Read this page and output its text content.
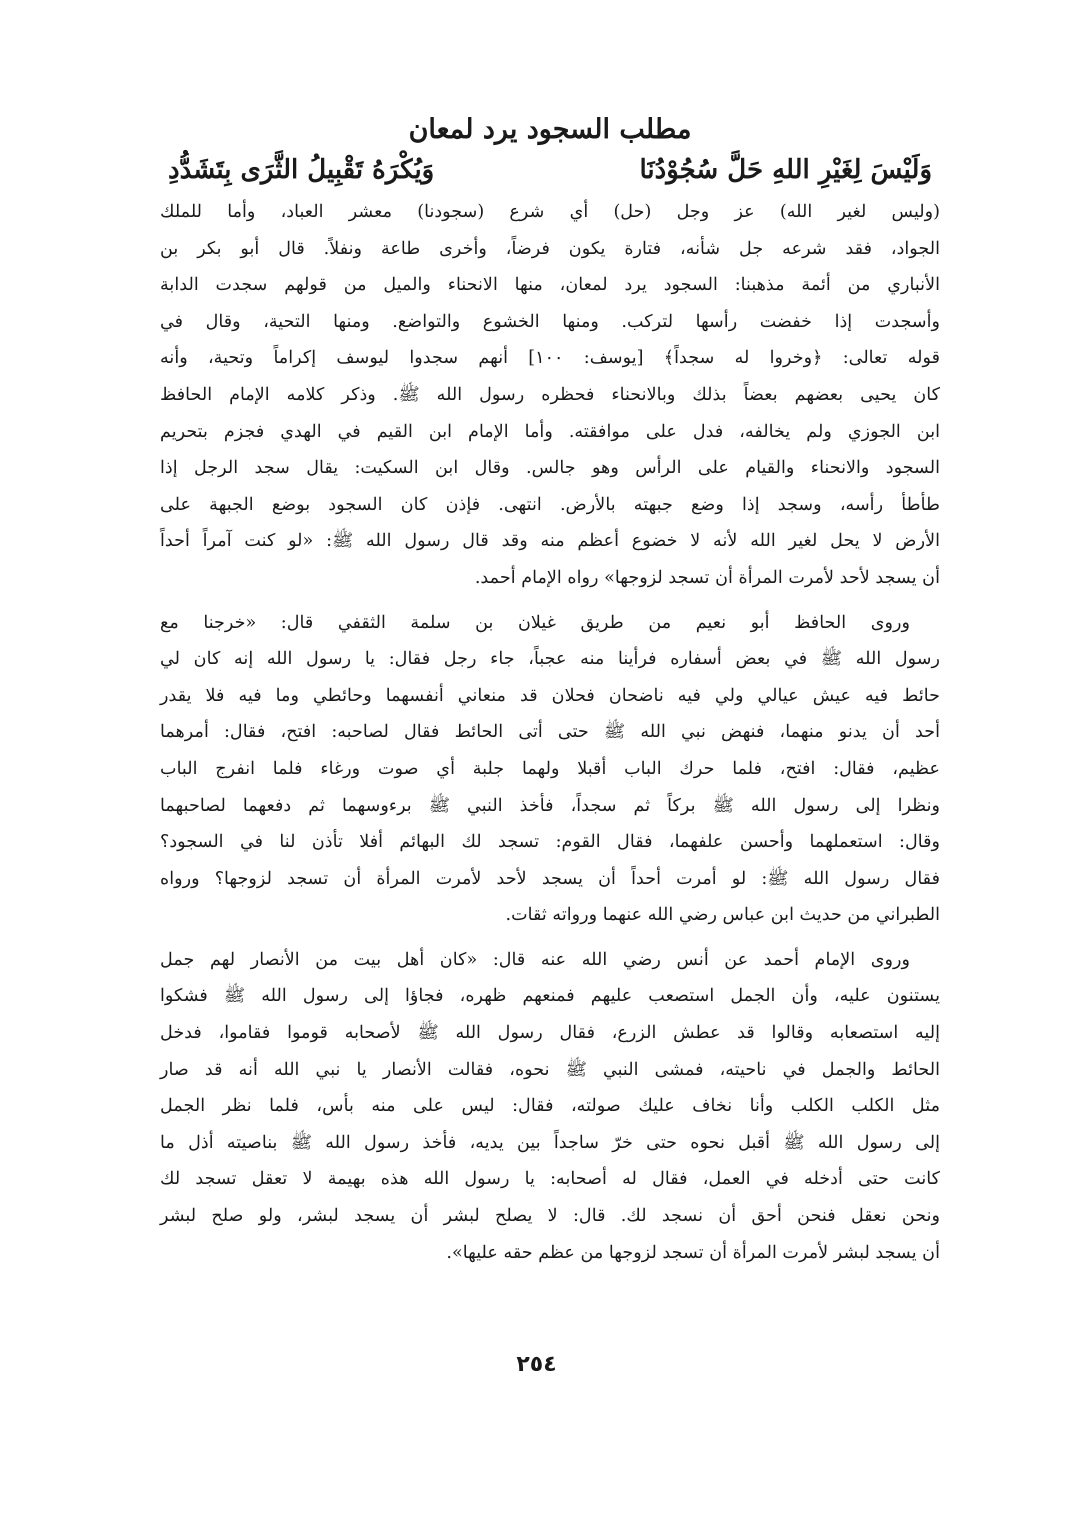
مطلب السجود يرد لمعان
وَلَيْسَ لِغَيْرِ اللهِ حَلَّ سُجُوْدُنَا
وَيُكْرَهُ تَقْبِيلُ الثَّرَى بِتَشَدُّدِ

(وليس لغير الله) عز وجل (حل) أي شرع (سجودنا) معشر العباد، وأما للملك
الجواد، فقد شرعه جل شأنه، فتارة يكون فرضاً، وأخرى طاعة ونفلاً. قال أبو بكر بن
الأنباري من أئمة مذهبنا: السجود يرد لمعان، منها الانحناء والميل من قولهم سجدت الدابة
وأسجدت إذا خفضت رأسها لتركب. ومنها الخشوع والتواضع. ومنها التحية، وقال في
قوله تعالى: ﴿وخروا له سجداً﴾ [يوسف: ١٠٠] أنهم سجدوا ليوسف إكراماً وتحية، وأنه
كان يحيى بعضهم بعضاً بذلك وبالانحناء فحظره رسول الله ﷺ. وذكر كلامه الإمام الحافظ
ابن الجوزي ولم يخالفه، فدل على موافقته. وأما الإمام ابن القيم في الهدي فجزم بتحريم
السجود والانحناء والقيام على الرأس وهو جالس. وقال ابن السكيت: يقال سجد الرجل إذا
طأطأ رأسه، وسجد إذا وضع جبهته بالأرض. انتهى. فإذن كان السجود بوضع الجبهة على
الأرض لا يحل لغير الله لأنه لا خضوع أعظم منه وقد قال رسول الله ﷺ: «لو كنت آمراً أحداً
أن يسجد لأحد لأمرت المرأة أن تسجد لزوجها» رواه الإمام أحمد.

وروى الحافظ أبو نعيم من طريق غيلان بن سلمة الثقفي قال: «خرجنا مع
رسول الله ﷺ في بعض أسفاره فرأينا منه عجباً، جاء رجل فقال: يا رسول الله إنه كان لي
حائط فيه عيش عيالي ولي فيه ناضحان فحلان قد منعاني أنفسهما وحائطي وما فيه فلا يقدر
أحد أن يدنو منهما، فنهض نبي الله ﷺ حتى أتى الحائط فقال لصاحبه: افتح، فقال: أمرهما
عظيم، فقال: افتح، فلما حرك الباب أقبلا ولهما جلبة أي صوت ورغاء فلما انفرج الباب
ونظرا إلى رسول الله ﷺ بركاً ثم سجداً، فأخذ النبي ﷺ برءوسهما ثم دفعهما لصاحبهما
وقال: استعملهما وأحسن علفهما، فقال القوم: تسجد لك البهائم أفلا تأذن لنا في السجود؟
فقال رسول الله ﷺ: لو أمرت أحداً أن يسجد لأحد لأمرت المرأة أن تسجد لزوجها؟ ورواه
الطبراني من حديث ابن عباس رضي الله عنهما ورواته ثقات.

وروى الإمام أحمد عن أنس رضي الله عنه قال: «كان أهل بيت من الأنصار لهم جمل
يستنون عليه، وأن الجمل استصعب عليهم فمنعهم ظهره، فجاؤا إلى رسول الله ﷺ فشكوا
إليه استصعابه وقالوا قد عطش الزرع، فقال رسول الله ﷺ لأصحابه قوموا فقاموا، فدخل
الحائط والجمل في ناحيته، فمشى النبي ﷺ نحوه، فقالت الأنصار يا نبي الله أنه قد صار
مثل الكلب الكلب وأنا نخاف عليك صولته، فقال: ليس على منه بأس، فلما نظر الجمل
إلى رسول الله ﷺ أقبل نحوه حتى خرّ ساجداً بين يديه، فأخذ رسول الله ﷺ بناصيته أذل ما
كانت حتى أدخله في العمل، فقال له أصحابه: يا رسول الله هذه بهيمة لا تعقل تسجد لك
ونحن نعقل فنحن أحق أن نسجد لك. قال: لا يصلح لبشر أن يسجد لبشر، ولو صلح لبشر
أن يسجد لبشر لأمرت المرأة أن تسجد لزوجها من عظم حقه عليها».

٢٥٤
